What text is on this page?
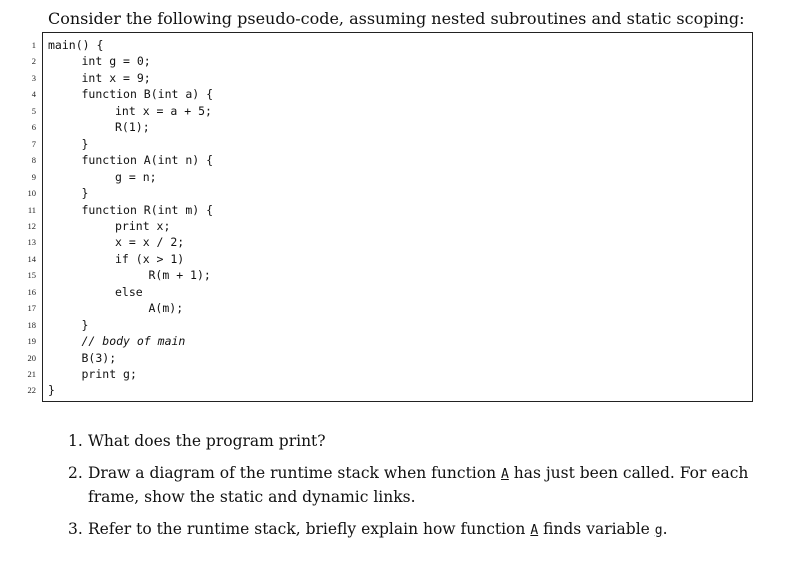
Consider the following pseudo-code, assuming nested subroutines and static scoping:
1	main() {
2	int g = 0;
3	int x = 9;
4	function B(int a) {
5	int x = a + 5;
6	R(1);
7	}
8	function A(int n) {
9	g = n;
10	}
11	function R(int m) {
12	print x;
13	x = x / 2;
14	if (x > 1)
15	R(m + 1);
16	else
17	A(m);
18	}
19	// body of main
20	B(3);
21	print g;
22	}
1. What does the program print?
2. Draw a diagram of the runtime stack when function A has just been called. For each frame, show the static and dynamic links.
3. Refer to the runtime stack, briefly explain how function A finds variable g.
